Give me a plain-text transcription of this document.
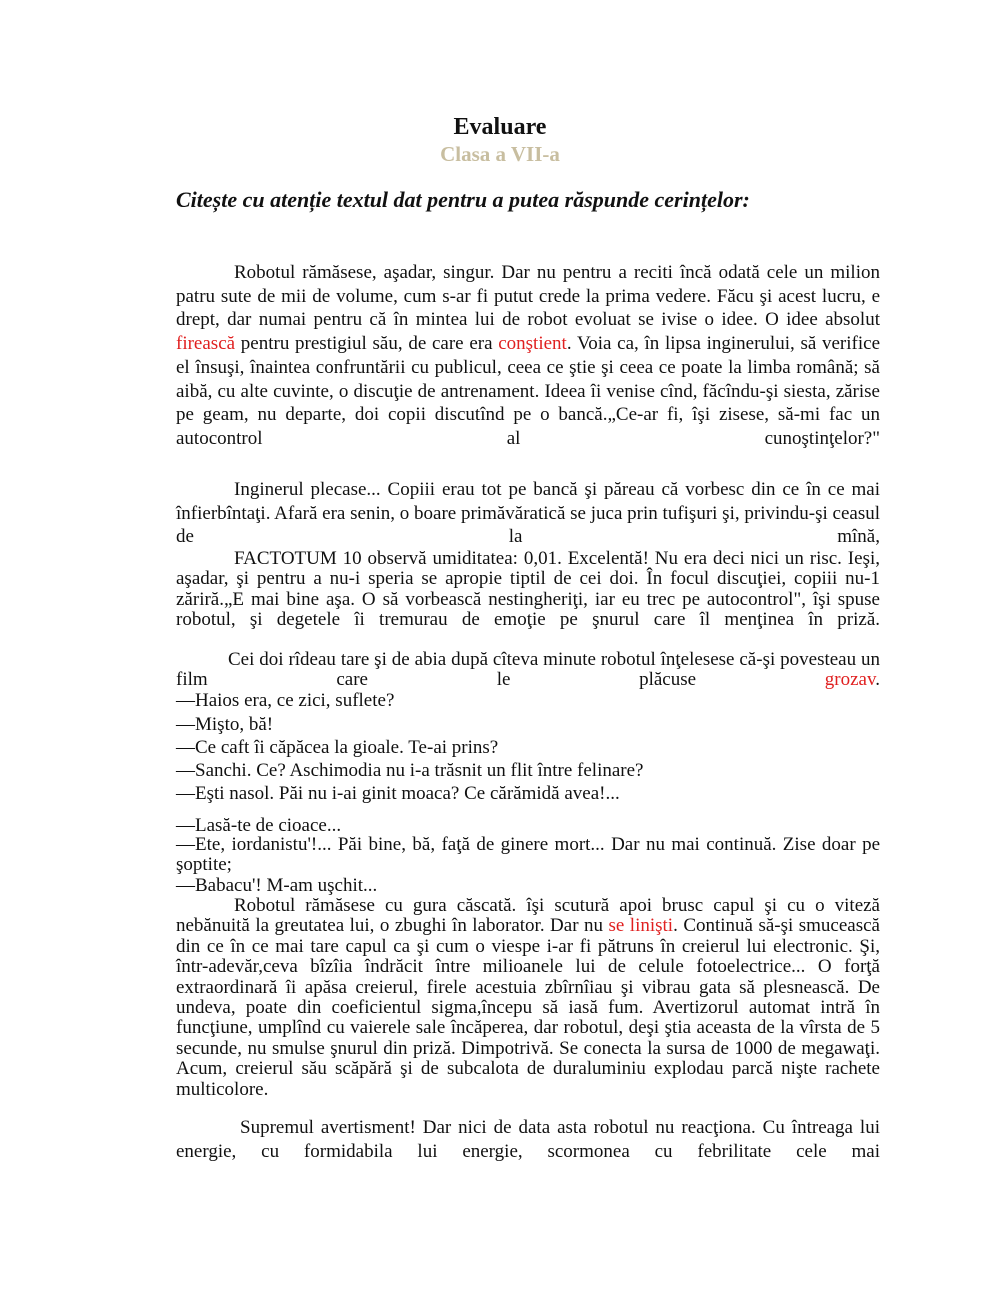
Evaluare
Clasa a VII-a
Citește cu atenție textul dat pentru a putea răspunde cerințelor:

Robotul rămăsese, aşadar, singur. Dar nu pentru a reciti încă odată cele un milion patru sute de mii de volume, cum s-ar fi putut crede la prima vedere. Făcu şi acest lucru, e drept, dar numai pentru că în mintea lui de robot evoluat se ivise o idee. O idee absolut firească pentru prestigiul său, de care era conştient. Voia ca, în lipsa inginerului, să verifice el însuşi, înaintea confruntării cu publicul, ceea ce ştie şi ceea ce poate la limba română; să aibă, cu alte cuvinte, o discuţie de antrenament. Ideea îi venise cînd, făcîndu-şi siesta, zărise pe geam, nu departe, doi copii discutînd pe o bancă.„Ce-ar fi, îşi zisese, să-mi fac un autocontrol al cunoştinţelor?"

Inginerul plecase... Copiii erau tot pe bancă şi păreau că vorbesc din ce în ce mai înfierbîntaţi. Afară era senin, o boare primăvăratică se juca prin tufişuri şi, privindu-şi ceasul de la mînă,

FACTOTUM 10 observă umiditatea: 0,01. Excelentă! Nu era deci nici un risc. Ieşi, aşadar, şi pentru a nu-i speria se apropie tiptil de cei doi. În focul discuţiei, copiii nu-1 zăriră.„E mai bine aşa. O să vorbească nestingheriţi, iar eu trec pe autocontrol", îşi spuse robotul, şi degetele îi tremurau de emoţie pe şnurul care îl menţinea în priză.

Cei doi rîdeau tare şi de abia după cîteva minute robotul înţelesese că-şi povesteau un film care le plăcuse grozav.

—Haios era, ce zici, suflete?
—Mişto, bă!
—Ce caft îi căpăcea la gioale. Te-ai prins?
—Sanchi. Ce? Aschimodia nu i-a trăsnit un flit între felinare?
—Eşti nasol. Păi nu i-ai ginit moaca? Ce cărămidă avea!...
—Lasă-te de cioace...

—Ete, iordanistu'!... Păi bine, bă, faţă de ginere mort... Dar nu mai continuă. Zise doar pe şoptite;

—Babacu'! M-am uşchit...

Robotul rămăsese cu gura căscată. îşi scutură apoi brusc capul şi cu o viteză nebănuită la greutatea lui, o zbughi în laborator. Dar nu se linişti. Continuă să-şi smucească din ce în ce mai tare capul ca şi cum o viespe i-ar fi pătruns în creierul lui electronic. Şi, într-adevăr,ceva bîzîia îndrăcit între milioanele lui de celule fotoelectrice... O forţă extraordinară îi apăsa creierul, firele acestuia zbîrnîiau şi vibrau gata să plesnească. De undeva, poate din coeficientul sigma,începu să iasă fum. Avertizorul automat intră în funcţiune, umplînd cu vaierele sale încăperea, dar robotul, deşi ştia aceasta de la vîrsta de 5 secunde, nu smulse şnurul din priză. Dimpotrivă. Se conecta la sursa de 1000 de megawaţi. Acum, creierul său scăpără şi de subcalota de duraluminiu explodau parcă nişte rachete multicolore.

Supremul avertisment! Dar nici de data asta robotul nu reacţiona. Cu întreaga lui energie, cu formidabila lui energie, scormonea cu febrilitate cele mai
